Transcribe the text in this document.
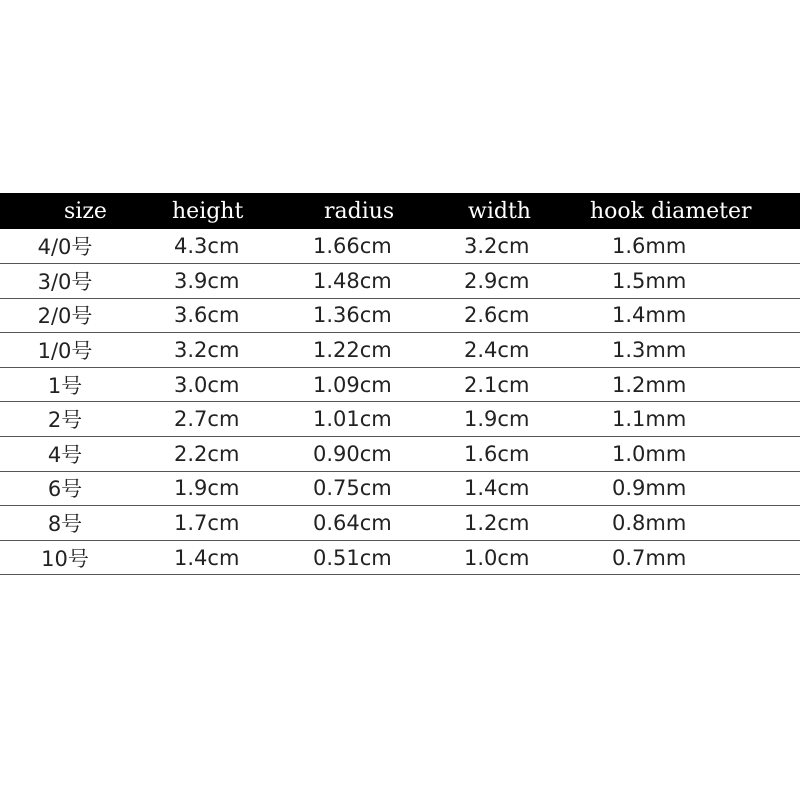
size	height	radius	width	hook diameter
4/0号	4.3cm	1.66cm	3.2cm	1.6mm
3/0号	3.9cm	1.48cm	2.9cm	1.5mm
2/0号	3.6cm	1.36cm	2.6cm	1.4mm
1/0号	3.2cm	1.22cm	2.4cm	1.3mm
1号	3.0cm	1.09cm	2.1cm	1.2mm
2号	2.7cm	1.01cm	1.9cm	1.1mm
4号	2.2cm	0.90cm	1.6cm	1.0mm
6号	1.9cm	0.75cm	1.4cm	0.9mm
8号	1.7cm	0.64cm	1.2cm	0.8mm
10号	1.4cm	0.51cm	1.0cm	0.7mm
